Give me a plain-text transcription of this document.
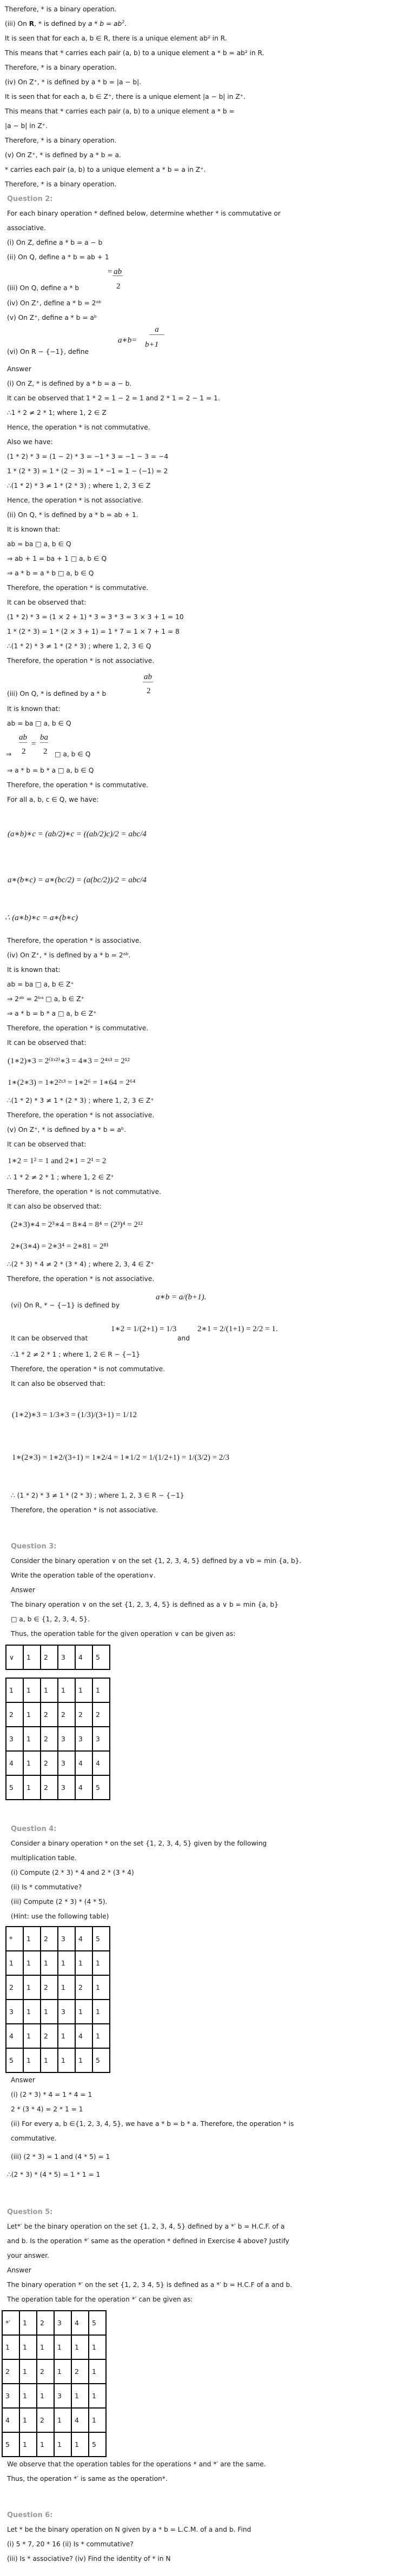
Therefore, * is a binary operation.
(iii) On R, * is defined by $a * b = ab^2$.
It is seen that for each a, b ∈ R, there is a unique element ab² in R.
This means that * carries each pair (a, b) to a unique element a * b = ab² in R.
Therefore, * is a binary operation.
(iv) On Z⁺, * is defined by a * b = |a − b|.
It is seen that for each a, b ∈ Z⁺, there is a unique element |a − b| in Z⁺.
This means that * carries each pair (a, b) to a unique element a * b =
|a − b| in Z⁺.
Therefore, * is a binary operation.
(v) On Z⁺, * is defined by a * b = a.
* carries each pair (a, b) to a unique element a * b = a in Z⁺.
Therefore, * is a binary operation.
Question 2:
For each binary operation * defined below, determine whether * is commutative or
associative.
(i) On Z, define a * b = a − b
(ii) On Q, define a * b = ab + 1
(iii) On Q, define a * b
= ab
2
(iv) On Z⁺, define a * b = 2ᵃᵇ
(v) On Z⁺, define a * b = aᵇ
(vi) On R − {−1}, define
a∗b=
a
b+1
Answer
(i) On Z, * is defined by a * b = a − b.
It can be observed that 1 * 2 = 1 − 2 = 1 and 2 * 1 = 2 − 1 = 1.
∴1 * 2 ≠ 2 * 1; where 1, 2 ∈ Z
Hence, the operation * is not commutative.
Also we have:
(1 * 2) * 3 = (1 − 2) * 3 = −1 * 3 = −1 − 3 = −4
1 * (2 * 3) = 1 * (2 − 3) = 1 * −1 = 1 − (−1) = 2
∴(1 * 2) * 3 ≠ 1 * (2 * 3) ; where 1, 2, 3 ∈ Z
Hence, the operation * is not associative.
(ii) On Q, * is defined by a * b = ab + 1.
It is known that:
ab = ba □ a, b ∈ Q
⇒ ab + 1 = ba + 1 □ a, b ∈ Q
⇒ a * b = a * b □ a, b ∈ Q
Therefore, the operation * is commutative.
It can be observed that:
(1 * 2) * 3 = (1 × 2 + 1) * 3 = 3 * 3 = 3 × 3 + 1 = 10
1 * (2 * 3) = 1 * (2 × 3 + 1) = 1 * 7 = 1 × 7 + 1 = 8
∴(1 * 2) * 3 ≠ 1 * (2 * 3) ; where 1, 2, 3 ∈ Q
Therefore, the operation * is not associative.
(iii) On Q, * is defined by a * b
ab
2
It is known that:
ab = ba □ a, b ∈ Q
⇒
ab
2
=
ba
2 □ a, b ∈ Q
⇒ a * b = b * a □ a, b ∈ Q
Therefore, the operation * is commutative.
For all a, b, c ∈ Q, we have:
(a∗b)∗c = (ab/2)∗c = ((ab/2)c)/2 = abc/4
a∗(b∗c) = a∗(bc/2) = (a(bc/2))/2 = abc/4
∴ (a∗b)∗c = a∗(b∗c)
Therefore, the operation * is associative.
(iv) On Z⁺, * is defined by a * b = 2ᵃᵇ.
It is known that:
ab = ba □ a, b ∈ Z⁺
⇒ 2ᵃᵇ = 2ᵇᵃ □ a, b ∈ Z⁺
⇒ a * b = b * a □ a, b ∈ Z⁺
Therefore, the operation * is commutative.
It can be observed that:
(1∗2)∗3 = 2⁽¹ˣ²⁾∗3 = 4∗3 = 2⁴ˣ³ = 2¹²
1∗(2∗3) = 1∗2²ˣ³ = 1∗2⁶ = 1∗64 = 2⁶⁴
∴(1 * 2) * 3 ≠ 1 * (2 * 3) ; where 1, 2, 3 ∈ Z⁺
Therefore, the operation * is not associative.
(v) On Z⁺, * is defined by a * b = aᵇ.
It can be observed that:
1∗2 = 1² = 1 and 2∗1 = 2¹ = 2
∴ 1 * 2 ≠ 2 * 1 ; where 1, 2 ∈ Z⁺
Therefore, the operation * is not commutative.
It can also be observed that:
(2∗3)∗4 = 2³∗4 = 8∗4 = 8⁴ = (2³)⁴ = 2¹²
2∗(3∗4) = 2∗3⁴ = 2∗81 = 2⁸¹
∴(2 * 3) * 4 ≠ 2 * (3 * 4) ; where 2, 3, 4 ∈ Z⁺
Therefore, the operation * is not associative.
(vi) On R, * − {−1} is defined by
a∗b = a/(b+1).
It can be observed that
1∗2 = 1/(2+1) = 1/3
and
2∗1 = 2/(1+1) = 2/2 = 1.
∴1 * 2 ≠ 2 * 1 ; where 1, 2 ∈ R − {−1}
Therefore, the operation * is not commutative.
It can also be observed that:
(1∗2)∗3 = 1/3∗3 = (1/3)/(3+1) = 1/12
1∗(2∗3) = 1∗2/(3+1) = 1∗2/4 = 1∗1/2 = 1/(1/2+1) = 1/(3/2) = 2/3
∴ (1 * 2) * 3 ≠ 1 * (2 * 3) ; where 1, 2, 3 ∈ R − {−1}
Therefore, the operation * is not associative.
Question 3:
Consider the binary operation ∨ on the set {1, 2, 3, 4, 5} defined by a ∨b = min {a, b}.
Write the operation table of the operation∨.
Answer
The binary operation ∨ on the set {1, 2, 3, 4, 5} is defined as a ∨ b = min {a, b}
□ a, b ∈ {1, 2, 3, 4, 5}.
Thus, the operation table for the given operation ∨ can be given as:
∨	1	2	3	4	5
1	1	1	1	1	1
2	1	2	2	2	2
3	1	2	3	3	3
4	1	2	3	4	4
5	1	2	3	4	5
Question 4:
Consider a binary operation * on the set {1, 2, 3, 4, 5} given by the following
multiplication table.
(i) Compute (2 * 3) * 4 and 2 * (3 * 4)
(ii) Is * commutative?
(iii) Compute (2 * 3) * (4 * 5).
(Hint: use the following table)
*	1	2	3	4	5
1	1	1	1	1	1
2	1	2	1	2	1
3	1	1	3	1	1
4	1	2	1	4	1
5	1	1	1	1	5
Answer
(i) (2 * 3) * 4 = 1 * 4 = 1
2 * (3 * 4) = 2 * 1 = 1
(ii) For every a, b ∈{1, 2, 3, 4, 5}, we have a * b = b * a. Therefore, the operation * is
commutative.
(iii) (2 * 3) = 1 and (4 * 5) = 1
∴(2 * 3) * (4 * 5) = 1 * 1 = 1
Question 5:
Let*′ be the binary operation on the set {1, 2, 3, 4, 5} defined by a *′ b = H.C.F. of a
and b. Is the operation *′ same as the operation * defined in Exercise 4 above? Justify
your answer.
Answer
The binary operation *′ on the set {1, 2, 3 4, 5} is defined as a *′ b = H.C.F of a and b.
The operation table for the operation *′ can be given as:
*′	1	2	3	4	5
1	1	1	1	1	1
2	1	2	1	2	1
3	1	1	3	1	1
4	1	2	1	4	1
5	1	1	1	1	5
We observe that the operation tables for the operations * and *′ are the same.
Thus, the operation *′ is same as the operation*.
Question 6:
Let * be the binary operation on N given by a * b = L.C.M. of a and b. Find
(i) 5 * 7, 20 * 16 (ii) Is * commutative?
(iii) Is * associative? (iv) Find the identity of * in N
